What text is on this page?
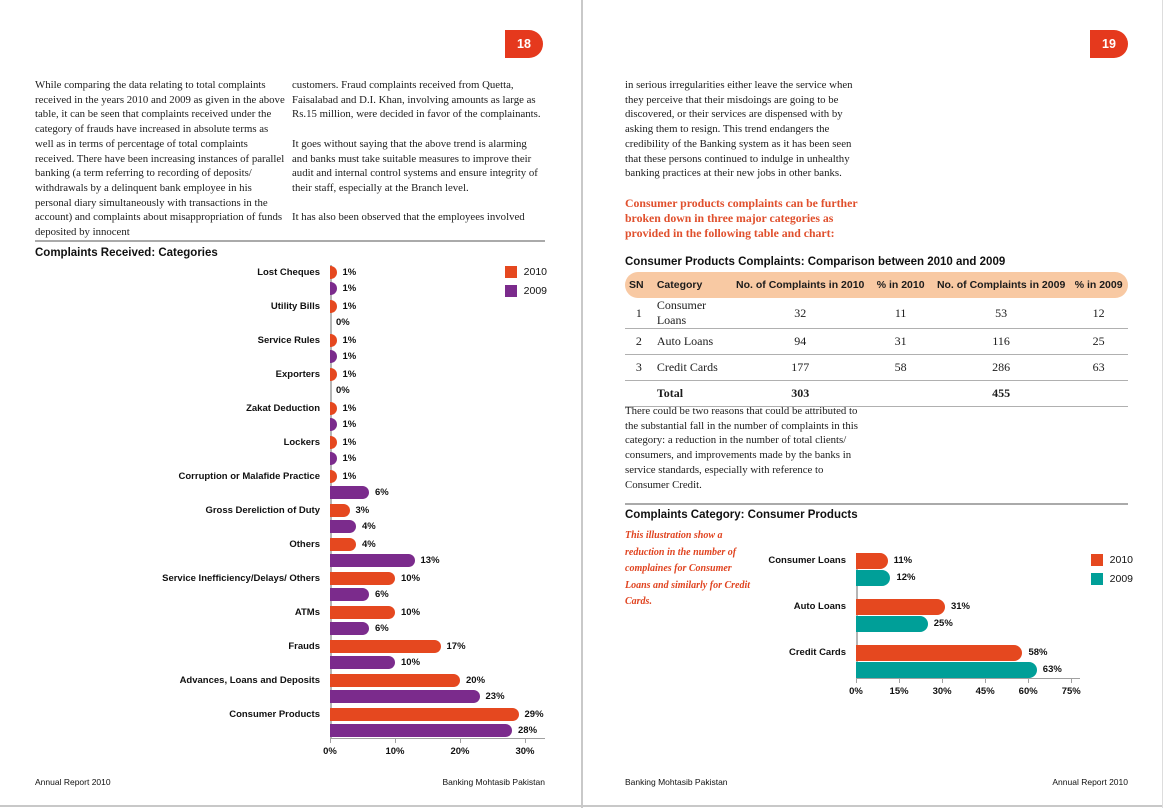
18

While comparing the data relating to total complaints received in the years 2010 and 2009 as given in the above table, it can be seen that complaints received under the category of frauds have increased in absolute terms as well as in terms of percentage of total complaints received. There have been increasing instances of parallel banking (a term referring to recording of deposits/ withdrawals by a delinquent bank employee in his personal diary simultaneously with transactions in the account) and complaints about misappropriation of funds deposited by innocent

customers. Fraud complaints received from Quetta, Faisalabad and D.I. Khan, involving amounts as large as Rs.15 million, were decided in favor of the complainants.

It goes without saying that the above trend is alarming and banks must take suitable measures to improve their audit and internal control systems and ensure integrity of their staff, especially at the Branch level.

It has also been observed that the employees involved

Complaints Received: Categories
2010
2009
Lost Cheques	1%
1%
Utility Bills	1%
0%
Service Rules	1%
1%
Exporters	1%
0%
Zakat Deduction	1%
1%
Lockers	1%
1%
Corruption or Malafide Practice	1%
6%
Gross Dereliction of Duty	3%
4%
Others	4%
13%
Service Inefficiency/Delays/ Others	10%
6%
ATMs	10%
6%
Frauds	17%
10%
Advances, Loans and Deposits	20%
23%
Consumer Products	29%
28%
0%	10%	20%	30%
Annual Report 2010	Banking Mohtasib Pakistan
19

in serious irregularities either leave the service when they perceive that their misdoings are going to be discovered, or their services are dispensed with by asking them to resign. This trend endangers the credibility of the Banking system as it has been seen that these persons continued to indulge in unhealthy banking practices at their new jobs in other banks.

Consumer products complaints can be further broken down in three major categories as provided in the following table and chart:
Consumer Products Complaints: Comparison between 2010 and 2009
SN	Category	No. of Complaints in 2010	% in 2010	No. of Complaints in 2009	% in 2009
1	Consumer Loans	32	11	53	12
2	Auto Loans	94	31	116	25
3	Credit Cards	177	58	286	63
	Total	303		455	

There could be two reasons that could be attributed to the substantial fall in the number of complaints in this category: a reduction in the number of total clients/ consumers, and improvements made by the banks in service standards, especially with reference to Consumer Credit.

Complaints Category: Consumer Products
This illustration show a reduction in the number of complaines for Consumer Loans and similarly for Credit Cards.
2010
2009
Consumer Loans	11%
12%
Auto Loans	31%
25%
Credit Cards	58%
63%
0%	15%	30%	45%	60%	75%
Banking Mohtasib Pakistan	Annual Report 2010
